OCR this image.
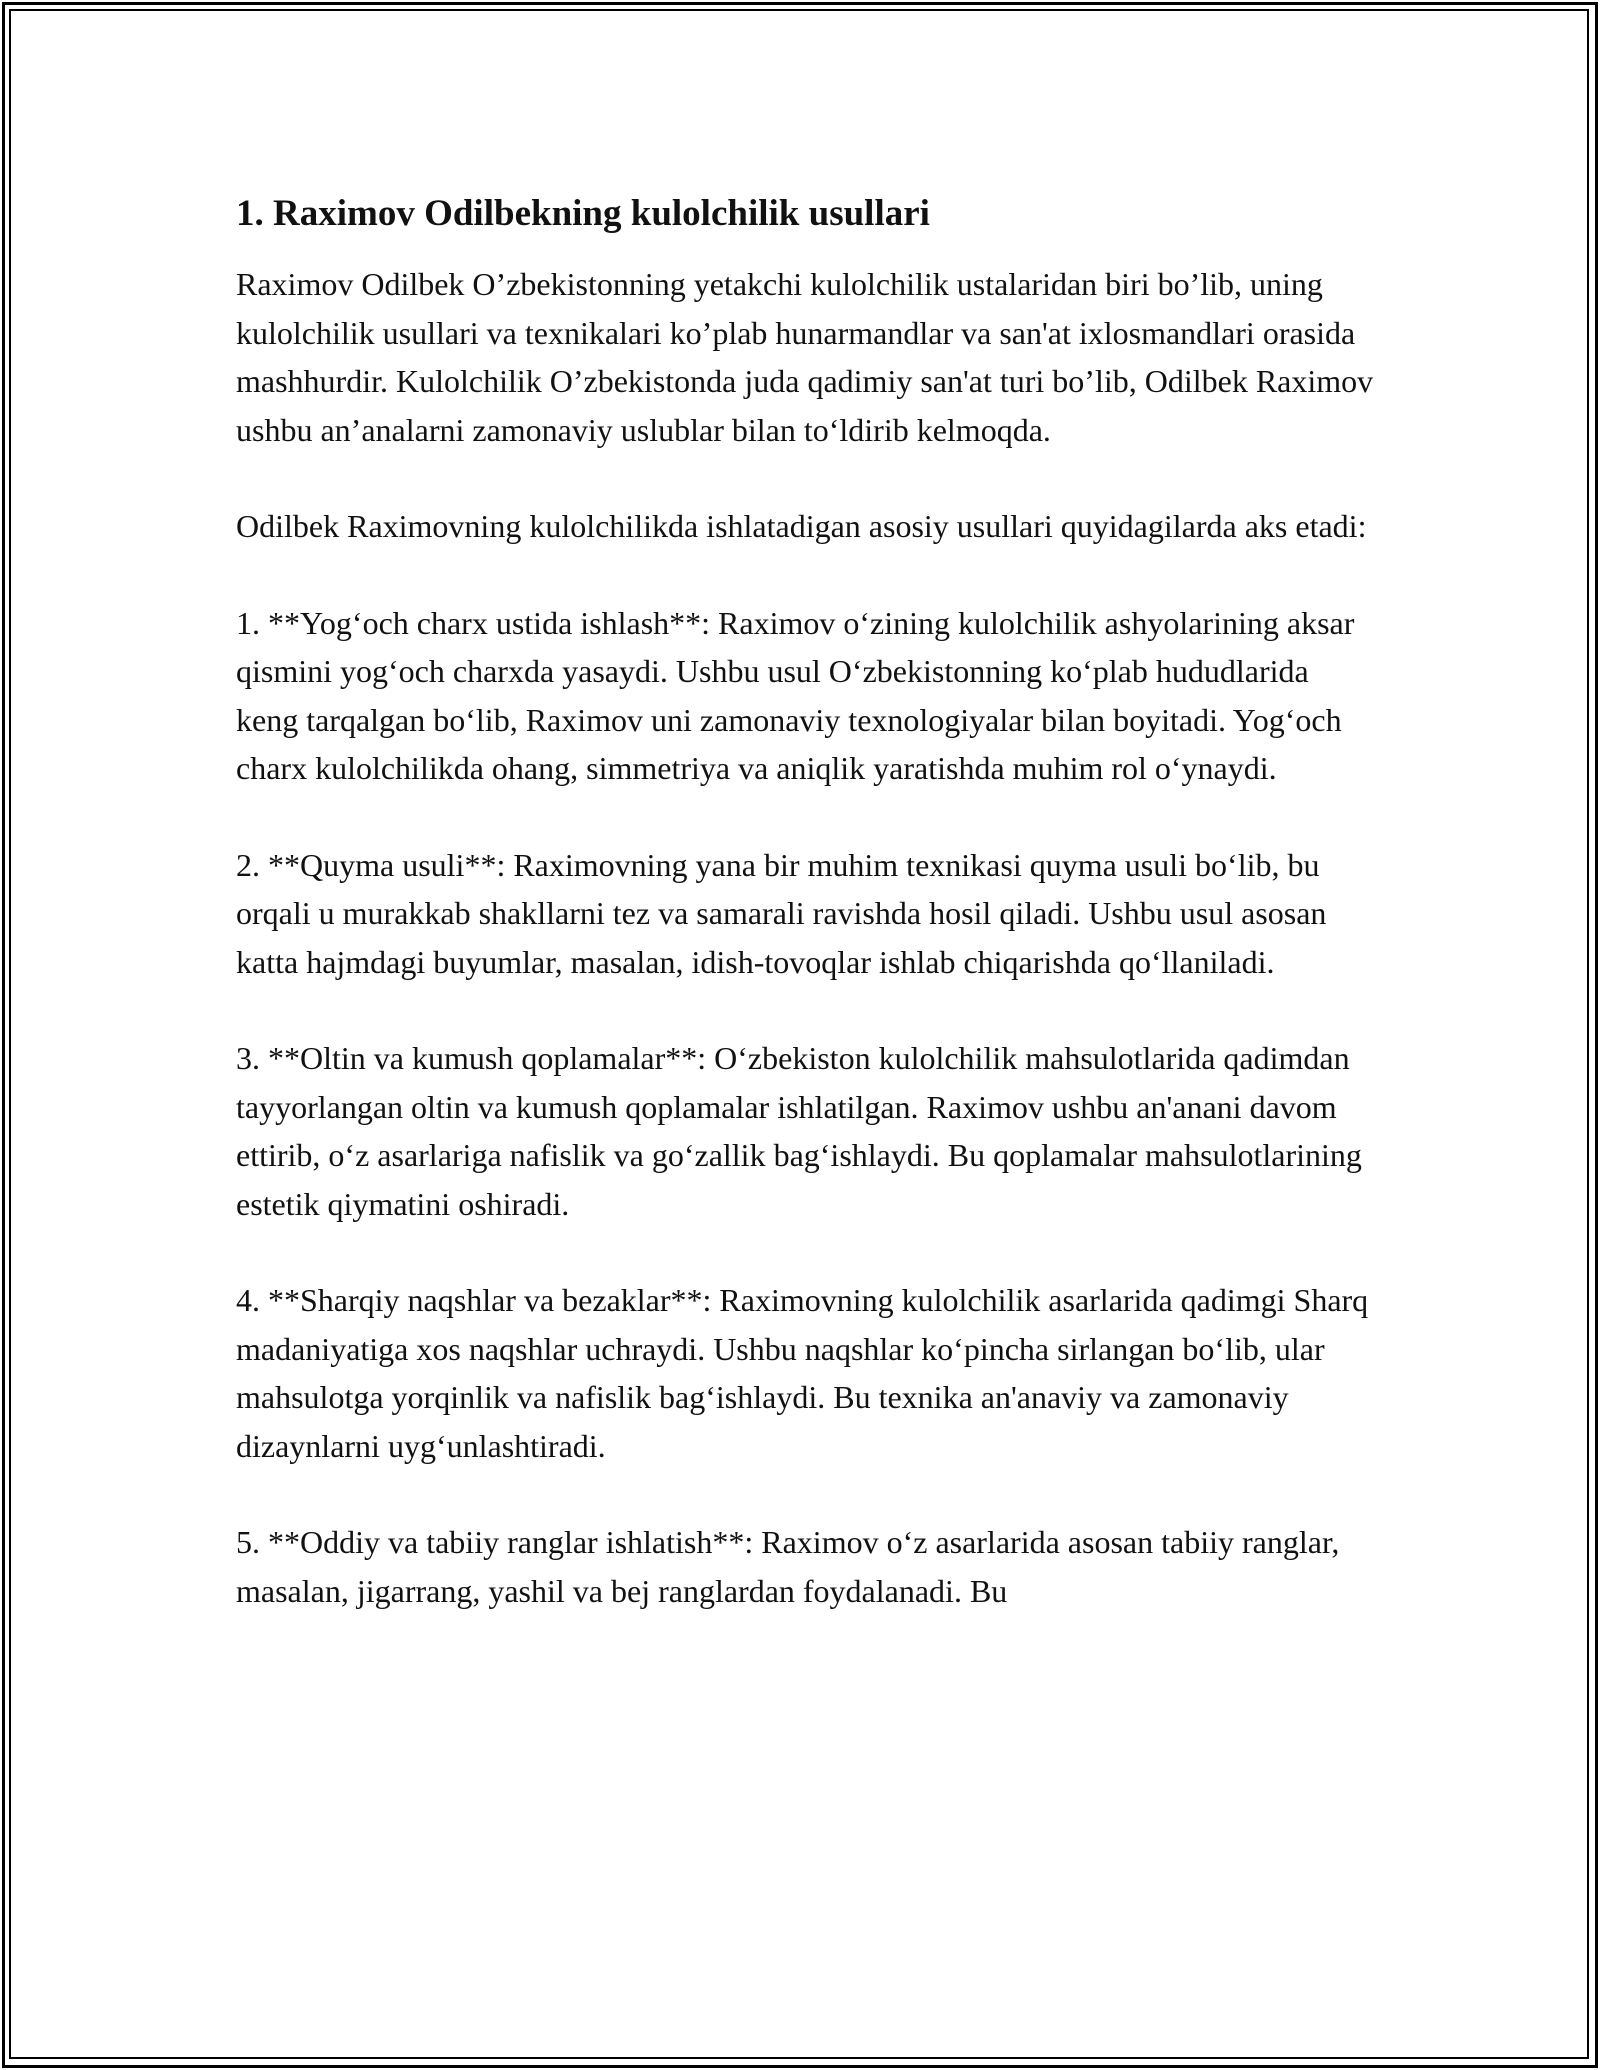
1. Raximov Odilbekning kulolchilik usullari

Raximov Odilbek O’zbekistonning yetakchi kulolchilik ustalaridan biri bo’lib, uning kulolchilik usullari va texnikalari ko’plab hunarmandlar va san'at ixlosmandlari orasida mashhurdir. Kulolchilik O’zbekistonda juda qadimiy san'at turi bo’lib, Odilbek Raximov ushbu an’analarni zamonaviy uslublar bilan to‘ldirib kelmoqda.

Odilbek Raximovning kulolchilikda ishlatadigan asosiy usullari quyidagilarda aks etadi:

1. **Yog‘och charx ustida ishlash**: Raximov o‘zining kulolchilik ashyolarining aksar qismini yog‘och charxda yasaydi. Ushbu usul O‘zbekistonning ko‘plab hududlarida keng tarqalgan bo‘lib, Raximov uni zamonaviy texnologiyalar bilan boyitadi. Yog‘och charx kulolchilikda ohang, simmetriya va aniqlik yaratishda muhim rol o‘ynaydi.

2. **Quyma usuli**: Raximovning yana bir muhim texnikasi quyma usuli bo‘lib, bu orqali u murakkab shakllarni tez va samarali ravishda hosil qiladi. Ushbu usul asosan katta hajmdagi buyumlar, masalan, idish-tovoqlar ishlab chiqarishda qo‘llaniladi.

3. **Oltin va kumush qoplamalar**: O‘zbekiston kulolchilik mahsulotlarida qadimdan tayyorlangan oltin va kumush qoplamalar ishlatilgan. Raximov ushbu an'anani davom ettirib, o‘z asarlariga nafislik va go‘zallik bag‘ishlaydi. Bu qoplamalar mahsulotlarining estetik qiymatini oshiradi.

4. **Sharqiy naqshlar va bezaklar**: Raximovning kulolchilik asarlarida qadimgi Sharq madaniyatiga xos naqshlar uchraydi. Ushbu naqshlar ko‘pincha sirlangan bo‘lib, ular mahsulotga yorqinlik va nafislik bag‘ishlaydi. Bu texnika an'anaviy va zamonaviy dizaynlarni uyg‘unlashtiradi.

5. **Oddiy va tabiiy ranglar ishlatish**: Raximov o‘z asarlarida asosan tabiiy ranglar, masalan, jigarrang, yashil va bej ranglardan foydalanadi. Bu
